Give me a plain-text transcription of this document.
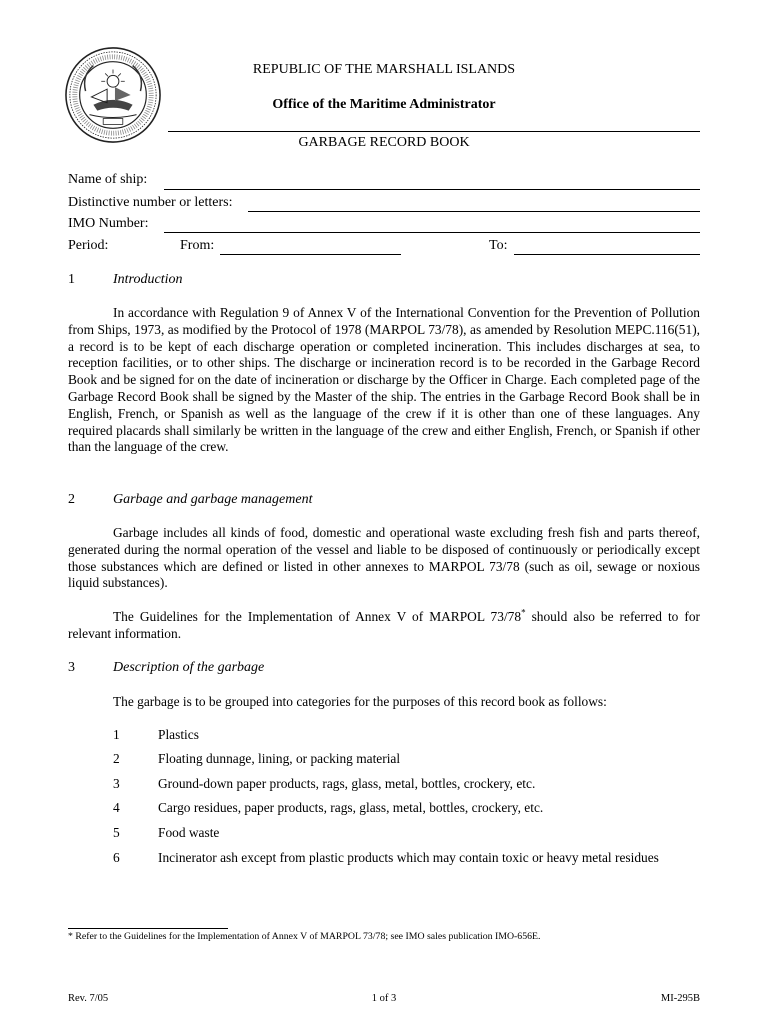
REPUBLIC OF THE MARSHALL ISLANDS
Office of the Maritime Administrator
GARBAGE RECORD BOOK
Name of ship:
Distinctive number or letters:
IMO Number:
Period:	From:	To:
1	Introduction
In accordance with Regulation 9 of Annex V of the International Convention for the Prevention of Pollution from Ships, 1973, as modified by the Protocol of 1978 (MARPOL 73/78), as amended by Resolution MEPC.116(51), a record is to be kept of each discharge operation or completed incineration. This includes discharges at sea, to reception facilities, or to other ships. The discharge or incineration record is to be recorded in the Garbage Record Book and be signed for on the date of incineration or discharge by the Officer in Charge. Each completed page of the Garbage Record Book shall be signed by the Master of the ship. The entries in the Garbage Record Book shall be in English, French, or Spanish as well as the language of the crew if it is other than one of these languages. Any required placards shall similarly be written in the language of the crew and either English, French, or Spanish if other than the language of the crew.
2	Garbage and garbage management
Garbage includes all kinds of food, domestic and operational waste excluding fresh fish and parts thereof, generated during the normal operation of the vessel and liable to be disposed of continuously or periodically except those substances which are defined or listed in other annexes to MARPOL 73/78 (such as oil, sewage or noxious liquid substances).
The Guidelines for the Implementation of Annex V of MARPOL 73/78* should also be referred to for relevant information.
3	Description of the garbage
The garbage is to be grouped into categories for the purposes of this record book as follows:
1	Plastics
2	Floating dunnage, lining, or packing material
3	Ground-down paper products, rags, glass, metal, bottles, crockery, etc.
4	Cargo residues, paper products, rags, glass, metal, bottles, crockery, etc.
5	Food waste
6	Incinerator ash except from plastic products which may contain toxic or heavy metal residues
* Refer to the Guidelines for the Implementation of Annex V of MARPOL 73/78; see IMO sales publication IMO-656E.
Rev. 7/05	1 of 3	MI-295B
